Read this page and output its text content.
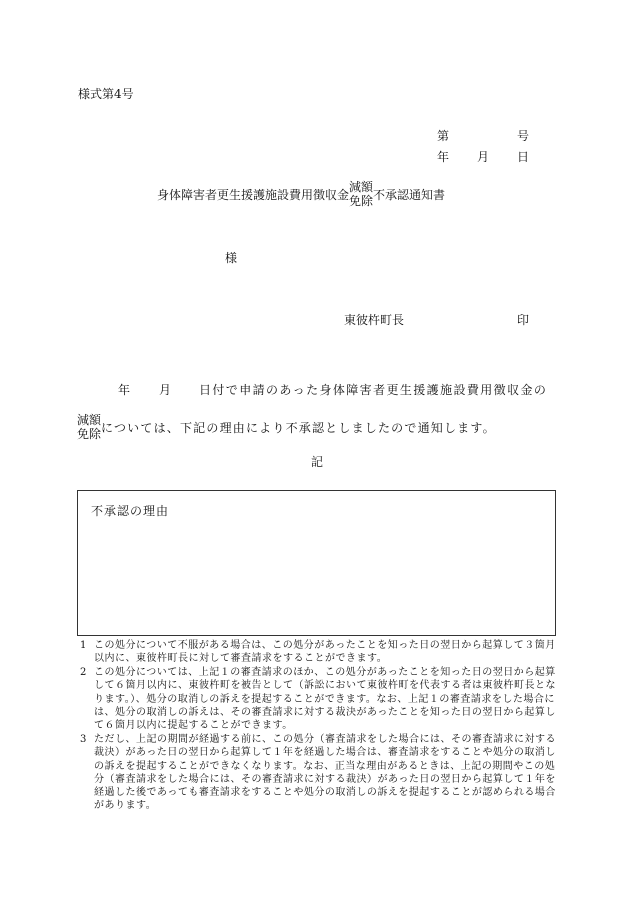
様式第4号
第	号
年 月 日
身体障害者更生援護施設費用徴収金
減額
免除 不承認通知書
様
東彼杵町長	印
年 月 日付で申請のあった身体障害者更生援護施設費用徴収金の
減額
免除 については、下記の理由により不承認としましたので通知します。
記
不承認の理由
1 この処分について不服がある場合は、この処分があったことを知った日の翌日から起算して３箇月以内に、東彼杵町長に対して審査請求をすることができます。
2 この処分については、上記１の審査請求のほか、この処分があったことを知った日の翌日から起算して６箇月以内に、東彼杵町を被告として（訴訟において東彼杵町を代表する者は東彼杵町長となります。）、処分の取消しの訴えを提起することができます。なお、上記１の審査請求をした場合には、処分の取消しの訴えは、その審査請求に対する裁決があったことを知った日の翌日から起算して６箇月以内に提起することができます。
3 ただし、上記の期間が経過する前に、この処分（審査請求をした場合には、その審査請求に対する裁決）があった日の翌日から起算して１年を経過した場合は、審査請求をすることや処分の取消しの訴えを提起することができなくなります。なお、正当な理由があるときは、上記の期間やこの処分（審査請求をした場合には、その審査請求に対する裁決）があった日の翌日から起算して１年を経過した後であっても審査請求をすることや処分の取消しの訴えを提起することが認められる場合があります。
